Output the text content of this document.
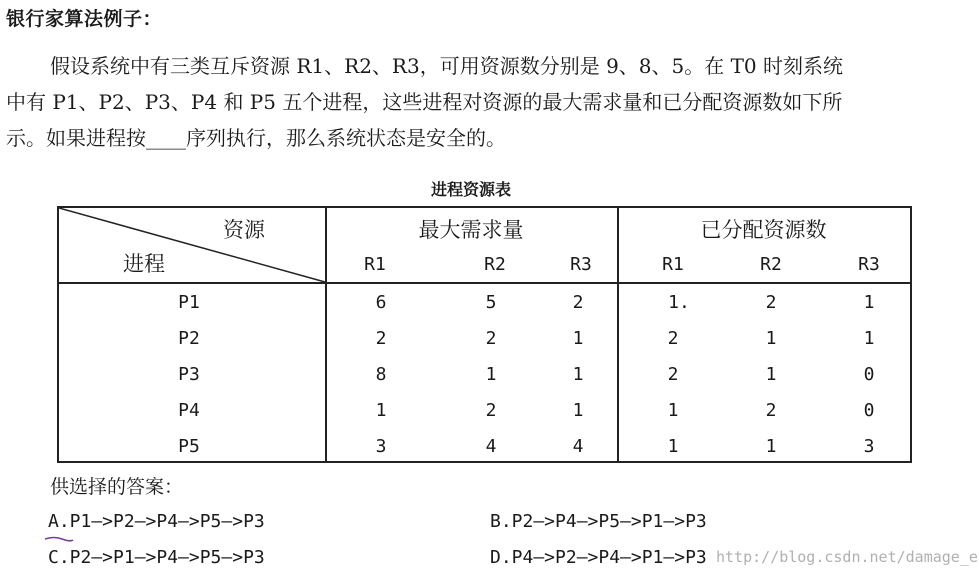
银行家算法例子：
假设系统中有三类互斥资源 R1、R2、R3，可用资源数分别是 9、8、5。在 T0 时刻系统
中有 P1、P2、P3、P4 和 P5 五个进程，这些进程对资源的最大需求量和已分配资源数如下所
示。如果进程按____序列执行，那么系统状态是安全的。
进程资源表
资源
进程
最大需求量	已分配资源数
R1	R2	R3	R1	R2	R3
P1	6	5	2	1.	2	1
P2	2	2	1	2	1	1
P3	8	1	1	2	1	0
P4	1	2	1	1	2	0
P5	3	4	4	1	1	3
供选择的答案：
A.P1—>P2—>P4—>P5—>P3	B.P2—>P4—>P5—>P1—>P3
C.P2—>P1—>P4—>P5—>P3	D.P4—>P2—>P4—>P1—>P3 http://blog.csdn.net/damage_e
